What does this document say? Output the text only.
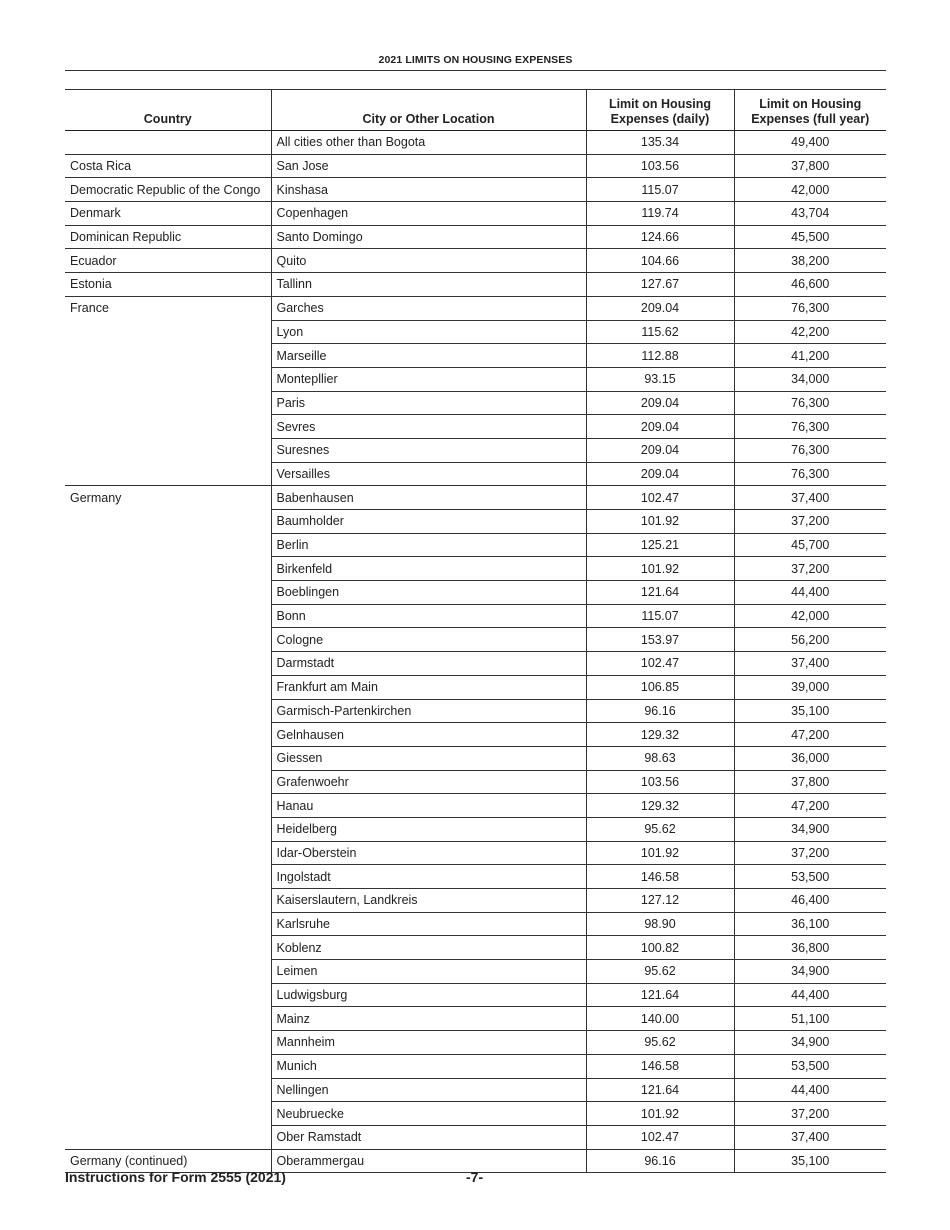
2021 LIMITS ON HOUSING EXPENSES
Country	City or Other Location	Limit on Housing Expenses (daily)	Limit on Housing Expenses (full year)
	All cities other than Bogota	135.34	49,400
Costa Rica	San Jose	103.56	37,800
Democratic Republic of the Congo	Kinshasa	115.07	42,000
Denmark	Copenhagen	119.74	43,704
Dominican Republic	Santo Domingo	124.66	45,500
Ecuador	Quito	104.66	38,200
Estonia	Tallinn	127.67	46,600
France	Garches	209.04	76,300
	Lyon	115.62	42,200
	Marseille	112.88	41,200
	Montepllier	93.15	34,000
	Paris	209.04	76,300
	Sevres	209.04	76,300
	Suresnes	209.04	76,300
	Versailles	209.04	76,300
Germany	Babenhausen	102.47	37,400
	Baumholder	101.92	37,200
	Berlin	125.21	45,700
	Birkenfeld	101.92	37,200
	Boeblingen	121.64	44,400
	Bonn	115.07	42,000
	Cologne	153.97	56,200
	Darmstadt	102.47	37,400
	Frankfurt am Main	106.85	39,000
	Garmisch-Partenkirchen	96.16	35,100
	Gelnhausen	129.32	47,200
	Giessen	98.63	36,000
	Grafenwoehr	103.56	37,800
	Hanau	129.32	47,200
	Heidelberg	95.62	34,900
	Idar-Oberstein	101.92	37,200
	Ingolstadt	146.58	53,500
	Kaiserslautern, Landkreis	127.12	46,400
	Karlsruhe	98.90	36,100
	Koblenz	100.82	36,800
	Leimen	95.62	34,900
	Ludwigsburg	121.64	44,400
	Mainz	140.00	51,100
	Mannheim	95.62	34,900
	Munich	146.58	53,500
	Nellingen	121.64	44,400
	Neubruecke	101.92	37,200
	Ober Ramstadt	102.47	37,400
Germany (continued)	Oberammergau	96.16	35,100
Instructions for Form 2555 (2021)	-7-
